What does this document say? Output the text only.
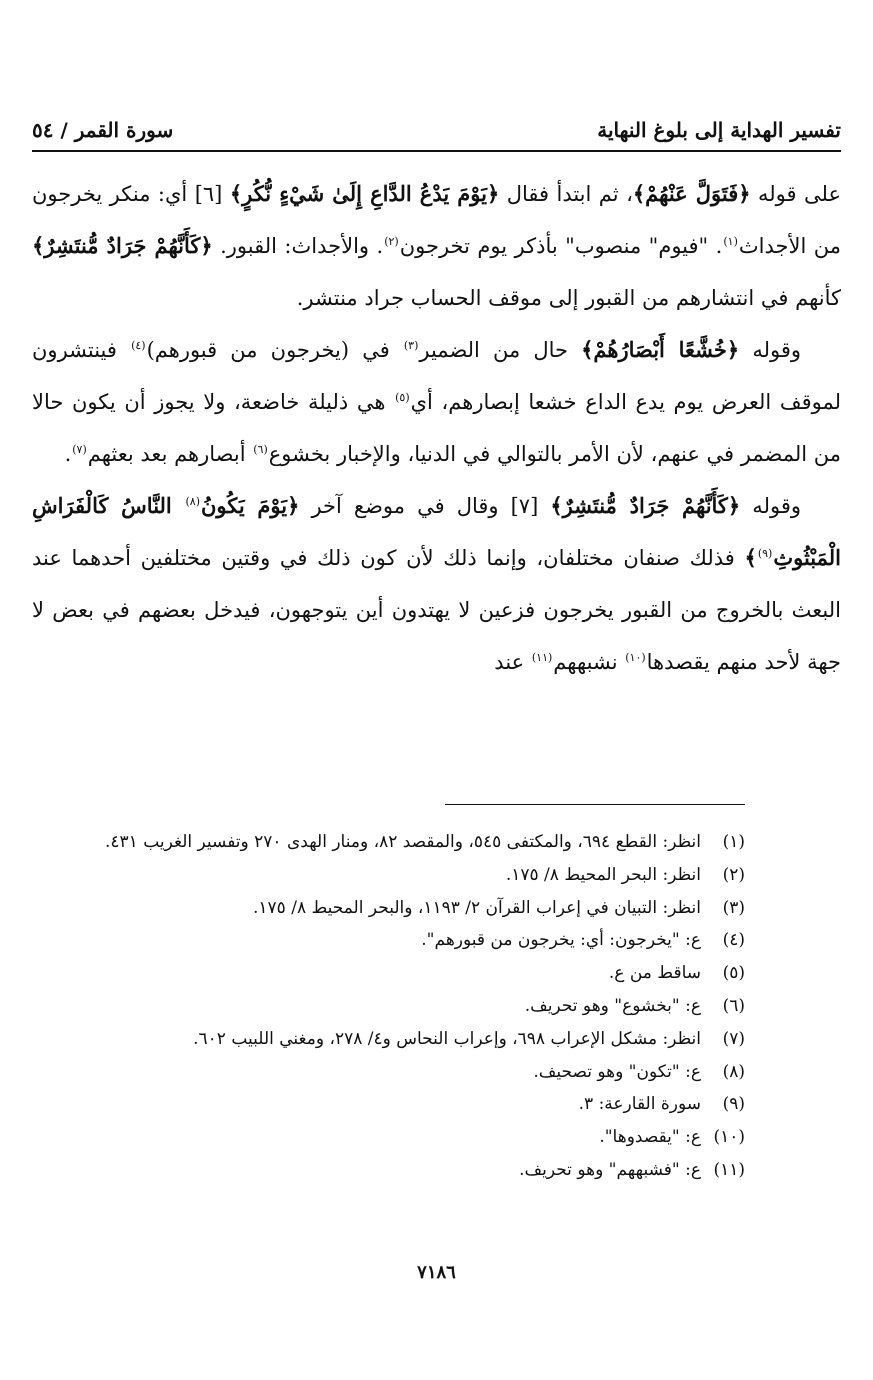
تفسير الهداية إلى بلوغ النهاية
سورة القمر / ٥٤

على قوله ﴿فَتَوَلَّ عَنْهُمْ﴾، ثم ابتدأ فقال ﴿يَوْمَ يَدْعُ الدَّاعِ إِلَىٰ شَيْءٍ نُّكُرٍ﴾ [٦] أي: منكر يخرجون من الأجداث$^{(١)}$. "فيوم" منصوب" بأذكر يوم تخرجون$^{(٢)}$. والأجداث: القبور. ﴿كَأَنَّهُمْ جَرَادٌ مُّنتَشِرٌ﴾ كأنهم في انتشارهم من القبور إلى موقف الحساب جراد منتشر.

وقوله ﴿خُشَّعًا أَبْصَارُهُمْ﴾ حال من الضمير$^{(٣)}$ في (يخرجون من قبورهم)$^{(٤)}$ فينتشرون لموقف العرض يوم يدع الداع خشعا إبصارهم، أي$^{(٥)}$ هي ذليلة خاضعة، ولا يجوز أن يكون حالا من المضمر في عنهم، لأن الأمر بالتوالي في الدنيا، والإخبار بخشوع$^{(٦)}$ أبصارهم بعد بعثهم$^{(٧)}$.

وقوله ﴿كَأَنَّهُمْ جَرَادٌ مُّنتَشِرٌ﴾ [٧] وقال في موضع آخر ﴿يَوْمَ يَكُونُ$^{(٨)}$ النَّاسُ كَالْفَرَاشِ الْمَبْثُوثِ$^{(٩)}$﴾ فذلك صنفان مختلفان، وإنما ذلك لأن كون ذلك في وقتين مختلفين أحدهما عند البعث بالخروج من القبور يخرجون فزعين لا يهتدون أين يتوجهون، فيدخل بعضهم في بعض لا جهة لأحد منهم يقصدها$^{(١٠)}$ نشبههم$^{(١١)}$ عند

(١)انظر: القطع ٦٩٤، والمكتفى ٥٤٥، والمقصد ٨٢، ومنار الهدى ٢٧٠ وتفسير الغريب ٤٣١.
(٢)انظر: البحر المحيط ٨/ ١٧٥.
(٣)انظر: التبيان في إعراب القرآن ٢/ ١١٩٣، والبحر المحيط ٨/ ١٧٥.
(٤)ع: "يخرجون: أي: يخرجون من قبورهم".
(٥)ساقط من ع.
(٦)ع: "بخشوع" وهو تحريف.
(٧)انظر: مشكل الإعراب ٦٩٨، وإعراب النحاس و٤/ ٢٧٨، ومغني اللبيب ٦٠٢.
(٨)ع: "تكون" وهو تصحيف.
(٩)سورة القارعة: ٣.
(١٠)ع: "يقصدوها".
(١١)ع: "فشبههم" وهو تحريف.
٧١٨٦
